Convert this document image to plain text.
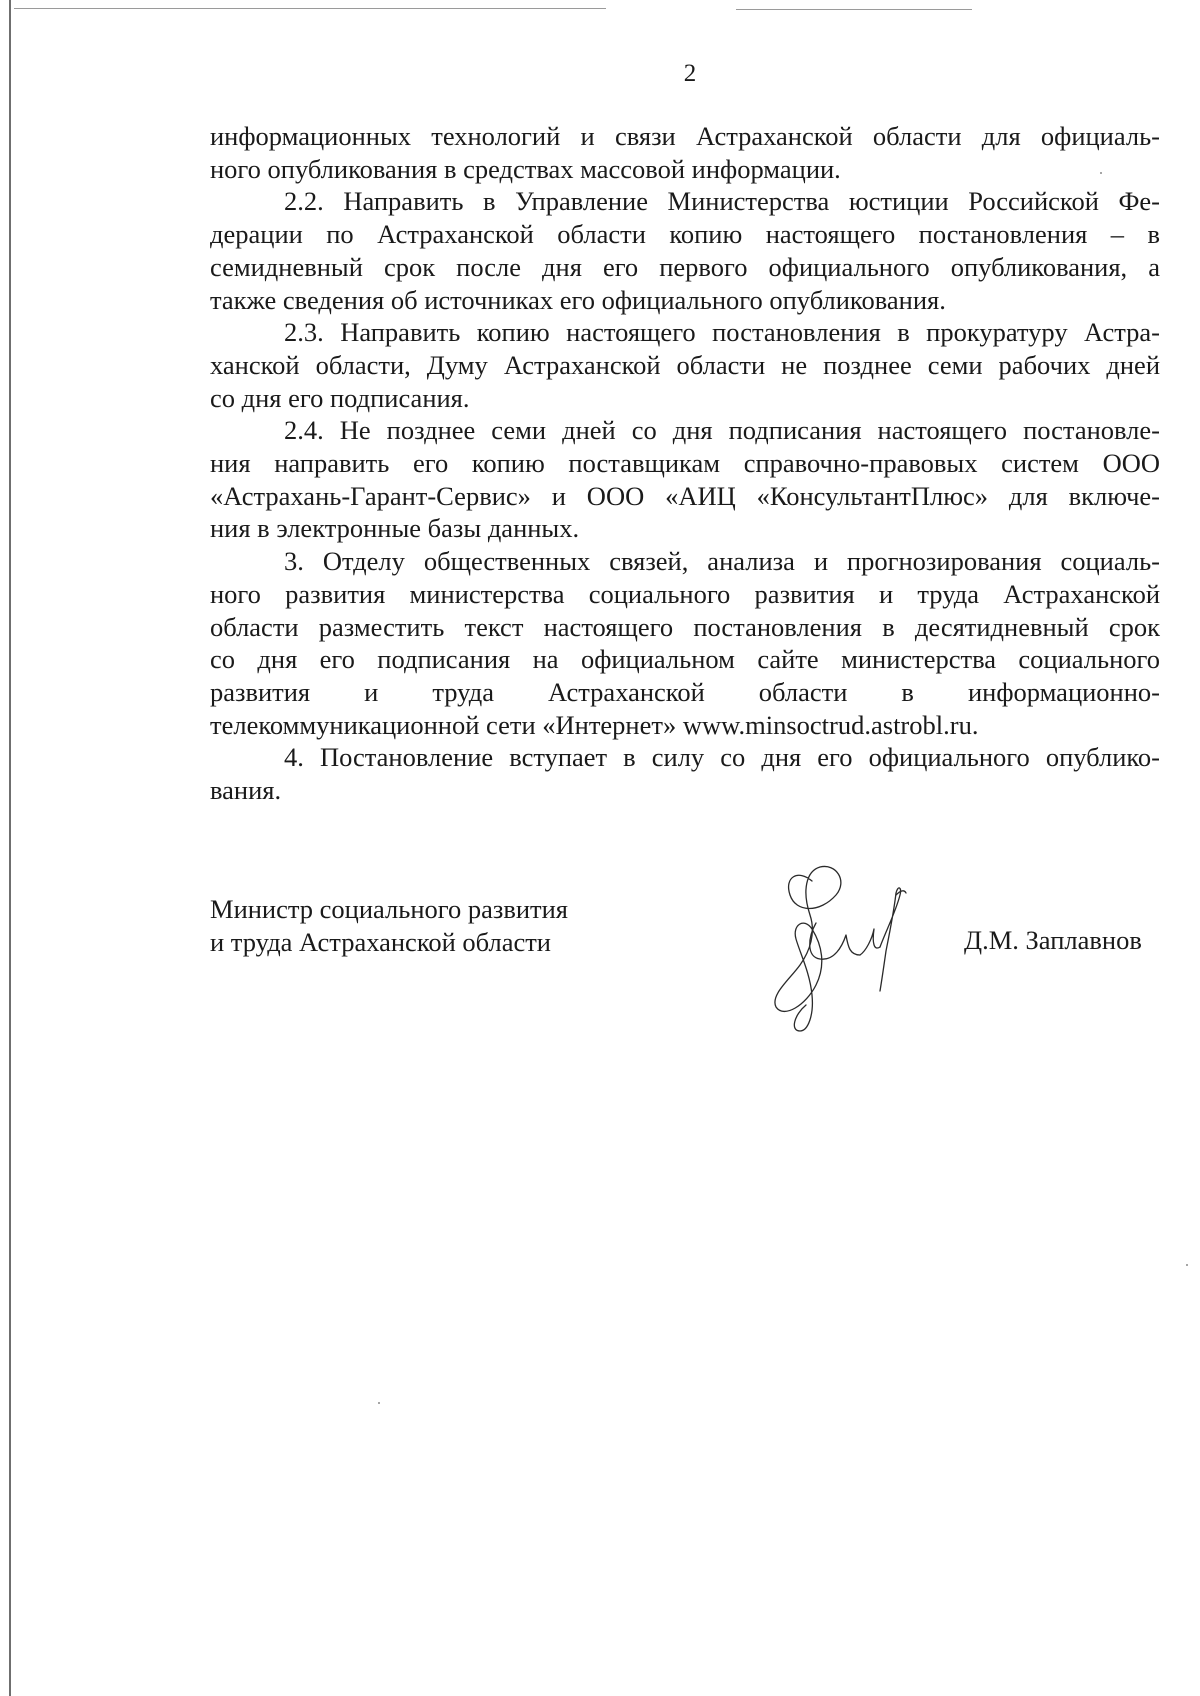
2

информационных технологий и связи Астраханской области для официаль-
ного опубликования в средствах массовой информации.

2.2. Направить в Управление Министерства юстиции Российской Фе-
дерации по Астраханской области копию настоящего постановления – в
семидневный срок после дня его первого официального опубликования, а
также сведения об источниках его официального опубликования.

2.3. Направить копию настоящего постановления в прокуратуру Астра-
ханской области, Думу Астраханской области не позднее семи рабочих дней
со дня его подписания.

2.4. Не позднее семи дней со дня подписания настоящего постановле-
ния направить его копию поставщикам справочно-правовых систем ООО
«Астрахань-Гарант-Сервис» и ООО «АИЦ «КонсультантПлюс» для включе-
ния в электронные базы данных.

3. Отделу общественных связей, анализа и прогнозирования социаль-
ного развития министерства социального развития и труда Астраханской
области разместить текст настоящего постановления в десятидневный срок
со дня его подписания на официальном сайте министерства социального
развития и труда Астраханской области в информационно-
телекоммуникационной сети «Интернет» www.minsoctrud.astrobl.ru.

4. Постановление вступает в силу со дня его официального опублико-
вания.

Министр социального развития
и труда Астраханской области	Д.М. Заплавнов
